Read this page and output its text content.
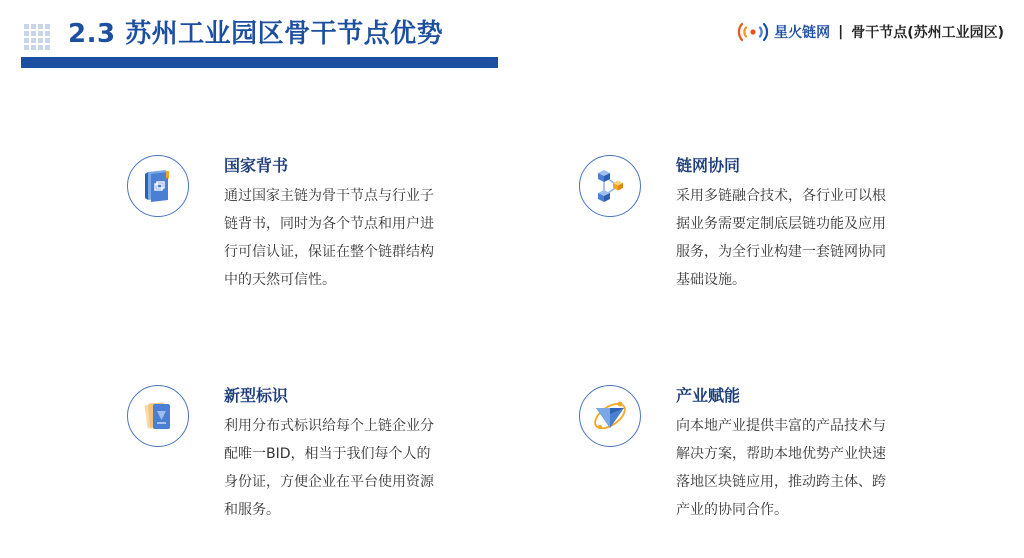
2.3 苏州工业园区骨干节点优势	星火链网 | 骨干节点(苏州工业园区)
国家背书
通过国家主链为骨干节点与行业子链背书，同时为各个节点和用户进行可信认证，保证在整个链群结构中的天然可信性。
链网协同
采用多链融合技术，各行业可以根据业务需要定制底层链功能及应用服务，为全行业构建一套链网协同基础设施。
新型标识
利用分布式标识给每个上链企业分配唯一BID，相当于我们每个人的身份证，方便企业在平台使用资源和服务。
产业赋能
向本地产业提供丰富的产品技术与解决方案，帮助本地优势产业快速落地区块链应用，推动跨主体、跨产业的协同合作。
